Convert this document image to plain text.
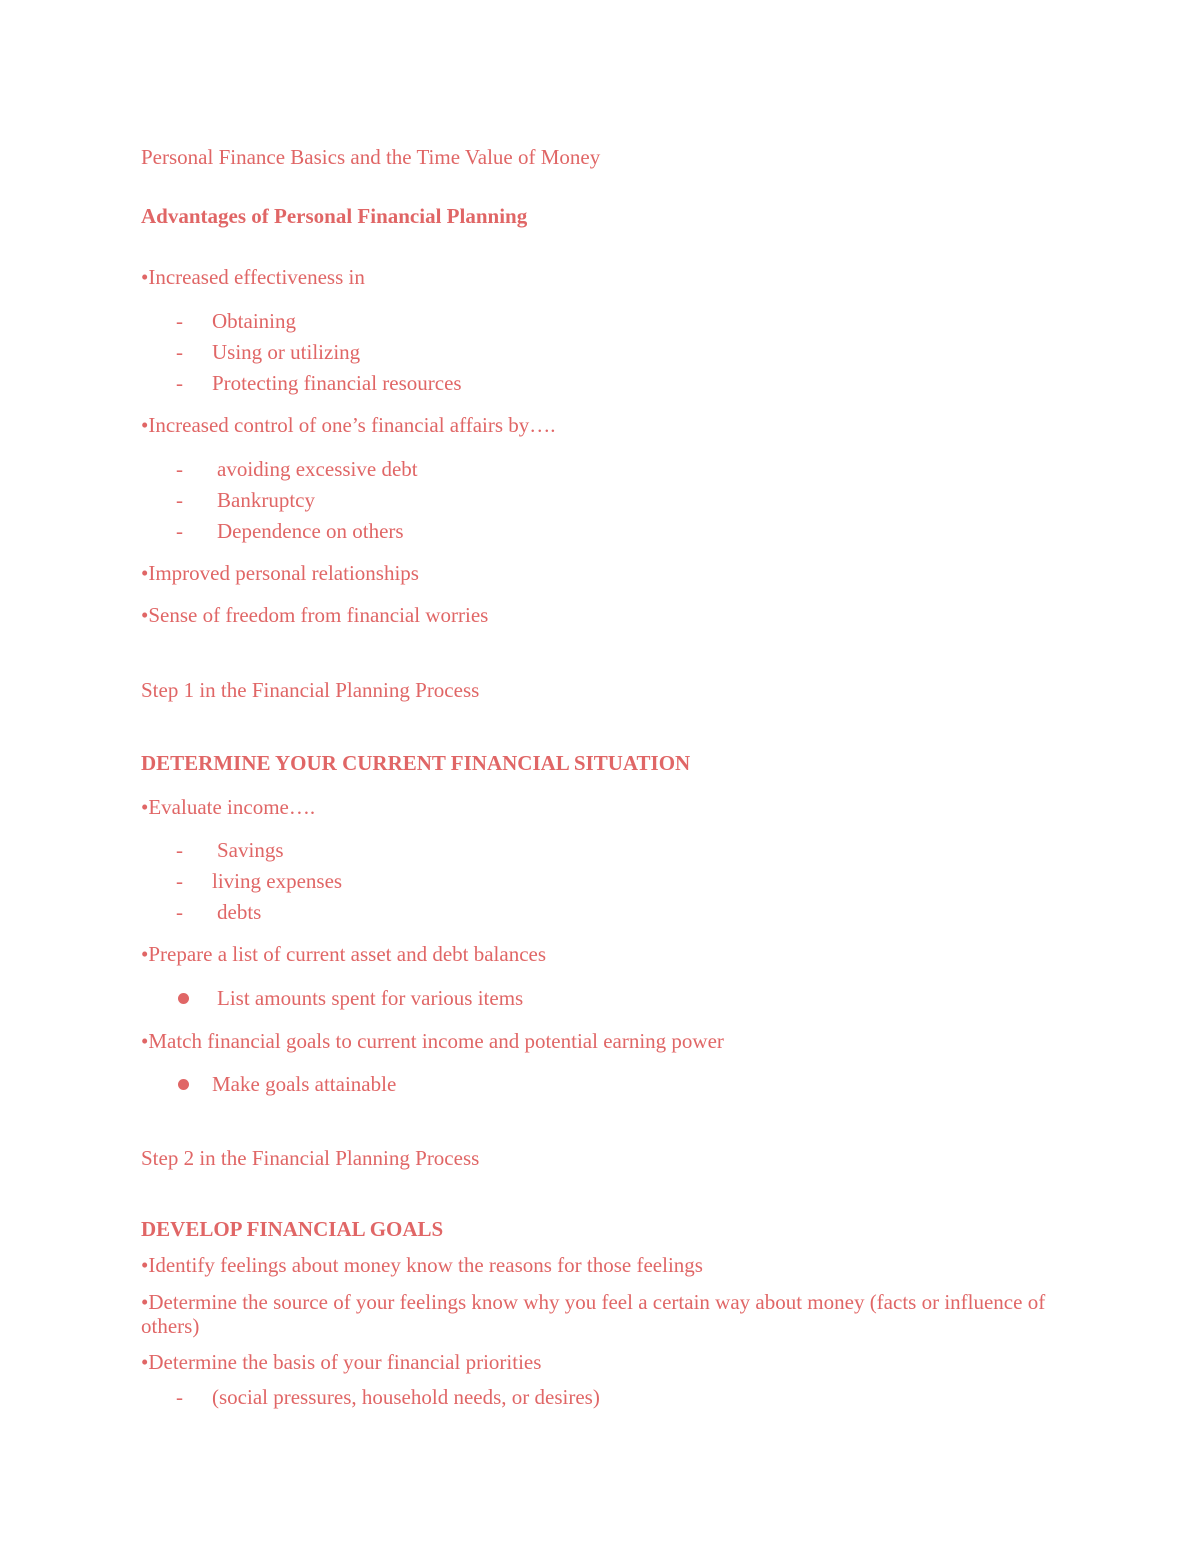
Personal Finance Basics and the Time Value of Money
Advantages of Personal Financial Planning
•Increased effectiveness in
- Obtaining
- Using or utilizing
- Protecting financial resources
•Increased control of one’s financial affairs by….
- avoiding excessive debt
- Bankruptcy
- Dependence on others
•Improved personal relationships
•Sense of freedom from financial worries
Step 1 in the Financial Planning Process
DETERMINE YOUR CURRENT FINANCIAL SITUATION
•Evaluate income….
- Savings
- living expenses
- debts
•Prepare a list of current asset and debt balances
List amounts spent for various items
•Match financial goals to current income and potential earning power
Make goals attainable
Step 2 in the Financial Planning Process
DEVELOP FINANCIAL GOALS
•Identify feelings about money know the reasons for those feelings
•Determine the source of your feelings know why you feel a certain way about money (facts or influence of others)
•Determine the basis of your financial priorities
- (social pressures, household needs, or desires)
